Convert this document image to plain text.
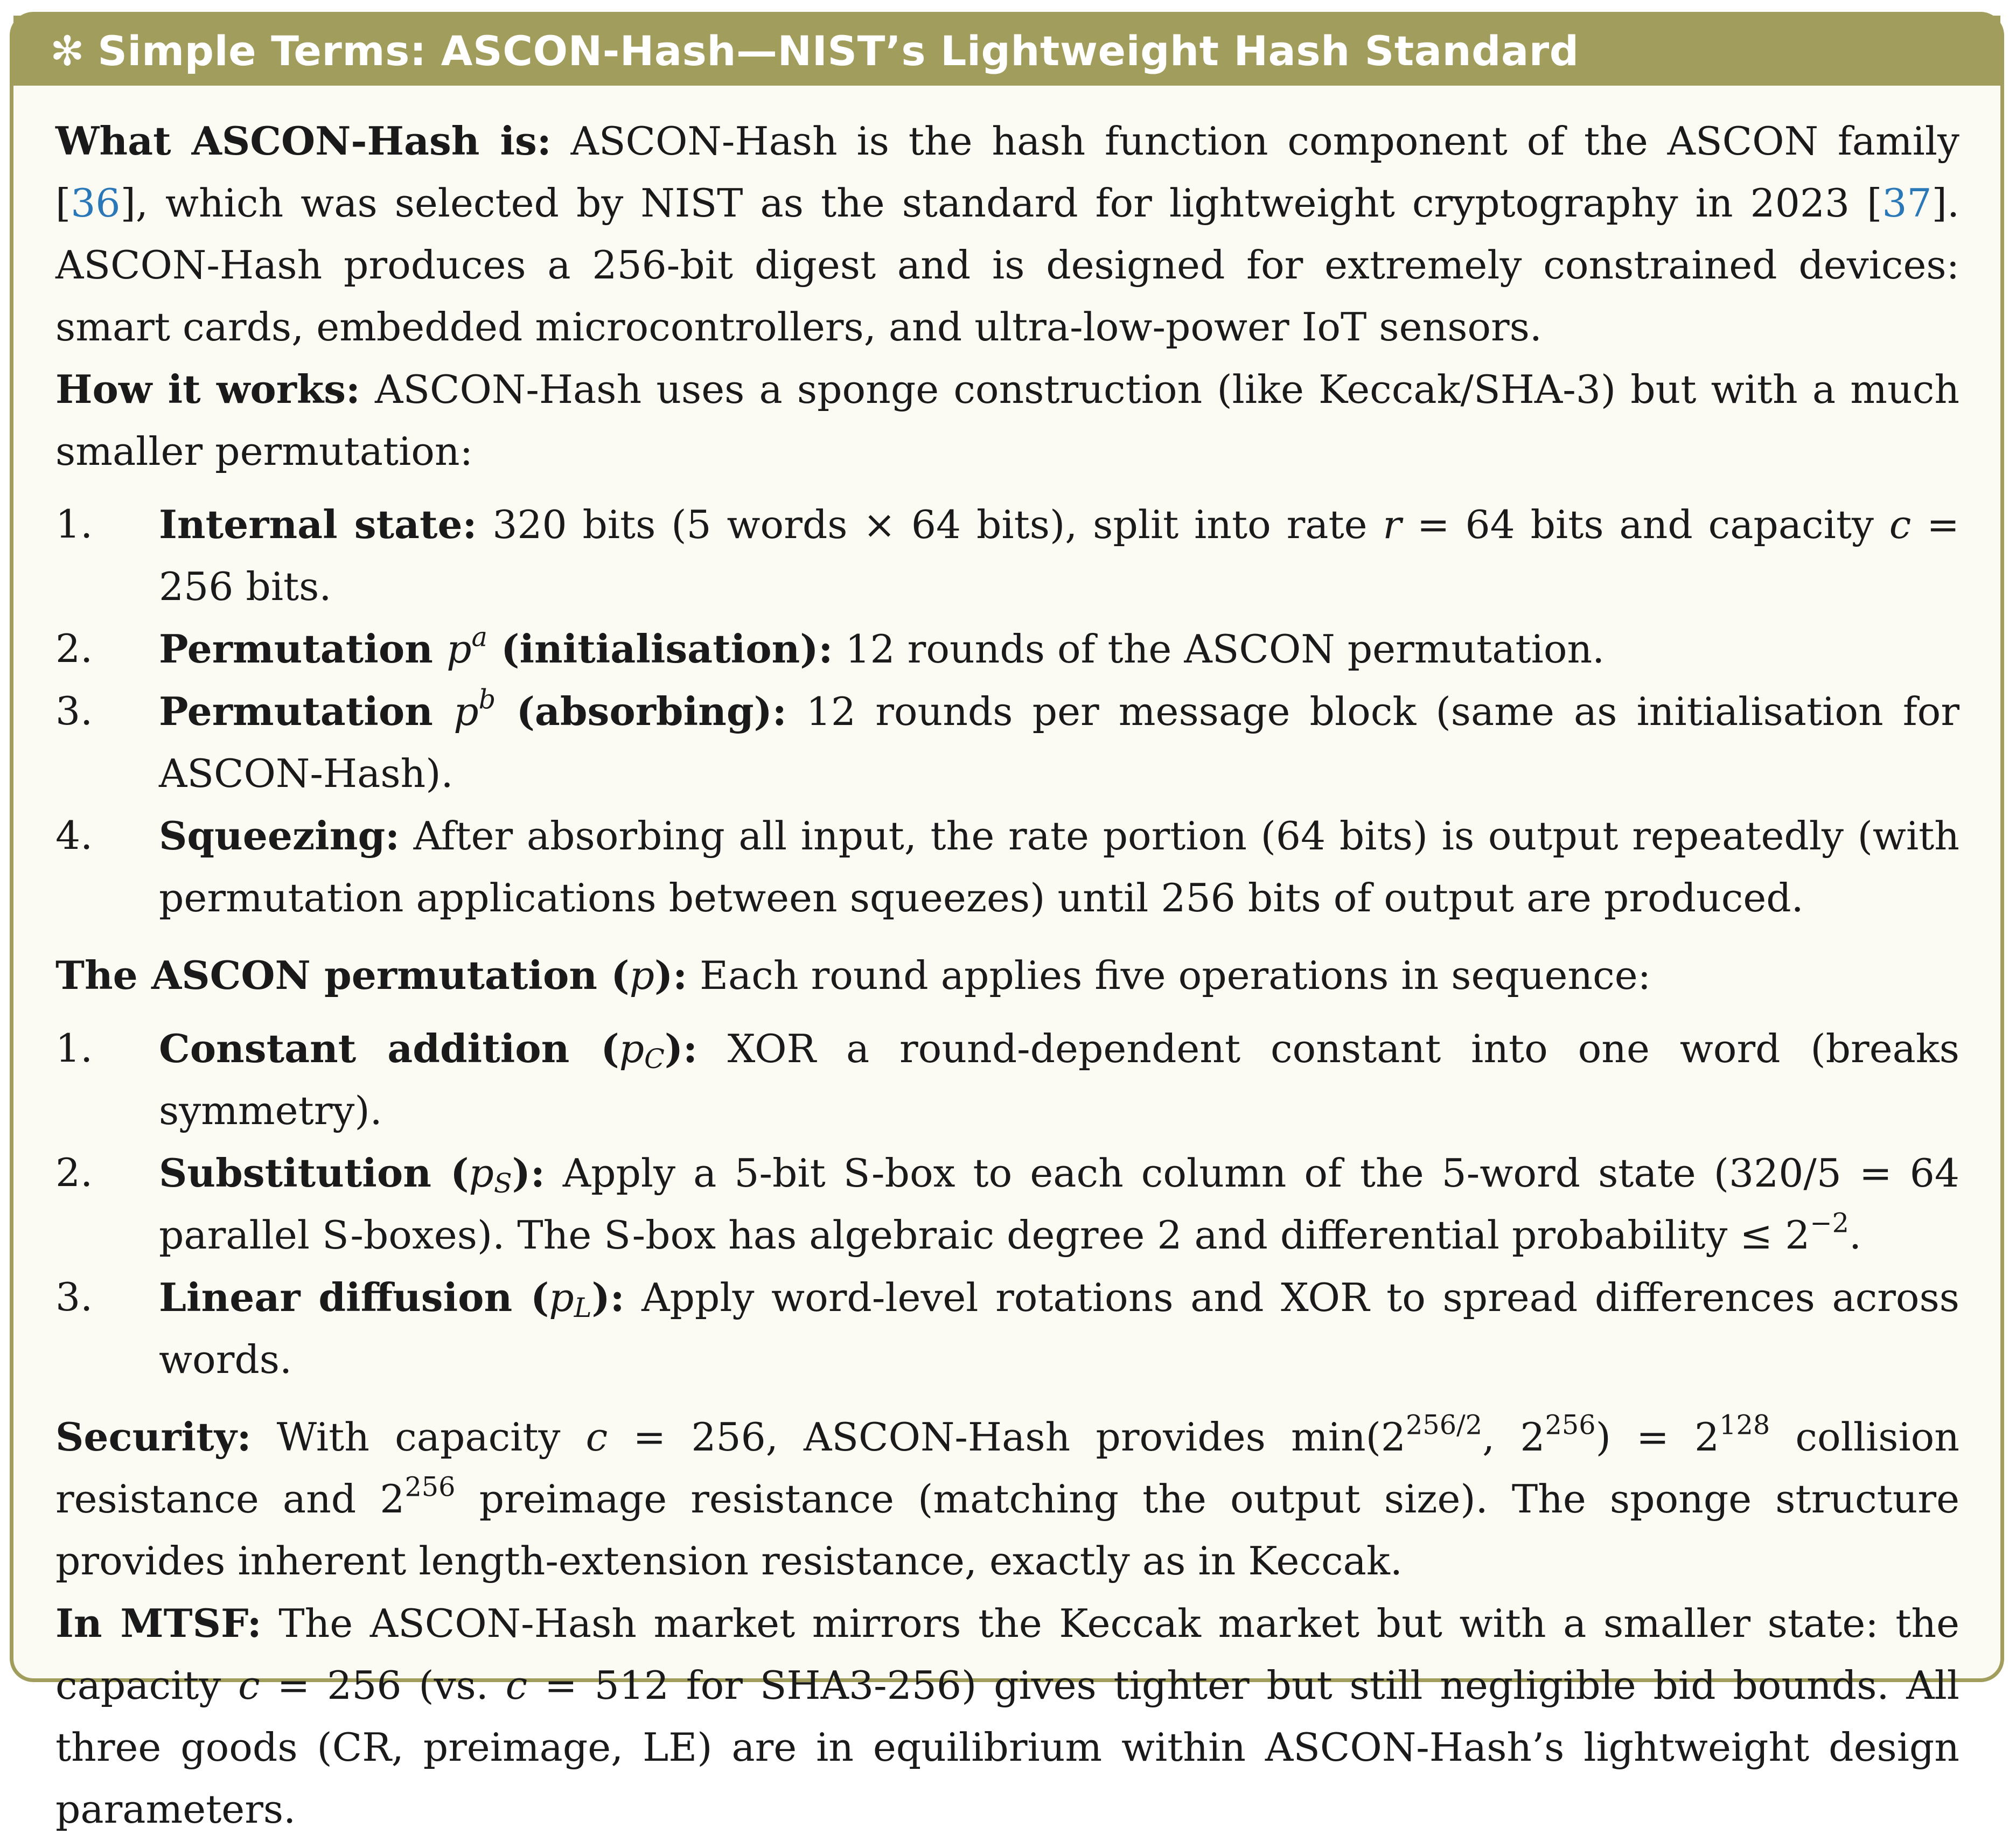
✻ Simple Terms: ASCON-Hash—NIST’s Lightweight Hash Standard

What ASCON-Hash is: ASCON-Hash is the hash function component of the ASCON family [36], which was selected by NIST as the standard for lightweight cryptography in 2023 [37]. ASCON-Hash produces a 256-bit digest and is designed for extremely constrained devices: smart cards, embedded microcontrollers, and ultra-low-power IoT sensors.

How it works: ASCON-Hash uses a sponge construction (like Keccak/SHA-3) but with a much smaller permutation:

1. Internal state: 320 bits (5 words × 64 bits), split into rate r = 64 bits and capacity c = 256 bits.
2. Permutation $p^a$ (initialisation): 12 rounds of the ASCON permutation.
3. Permutation $p^b$ (absorbing): 12 rounds per message block (same as initialisation for ASCON-Hash).
4. Squeezing: After absorbing all input, the rate portion (64 bits) is output repeatedly (with permutation applications between squeezes) until 256 bits of output are produced.

The ASCON permutation (p): Each round applies five operations in sequence:

1. Constant addition $(p_C)$: XOR a round-dependent constant into one word (breaks symmetry).
2. Substitution $(p_S)$: Apply a 5-bit S-box to each column of the 5-word state (320/5 = 64 parallel S-boxes). The S-box has algebraic degree 2 and differential probability ≤ $2^{-2}$.
3. Linear diffusion $(p_L)$: Apply word-level rotations and XOR to spread differences across words.

Security: With capacity c = 256, ASCON-Hash provides $\min(2^{256/2}$, $2^{256}) = 2^{128}$ collision resistance and $2^{256}$ preimage resistance (matching the output size). The sponge structure provides inherent length-extension resistance, exactly as in Keccak.

In MTSF: The ASCON-Hash market mirrors the Keccak market but with a smaller state: the capacity c = 256 (vs. c = 512 for SHA3-256) gives tighter but still negligible bid bounds. All three goods (CR, preimage, LE) are in equilibrium within ASCON-Hash’s lightweight design parameters.
